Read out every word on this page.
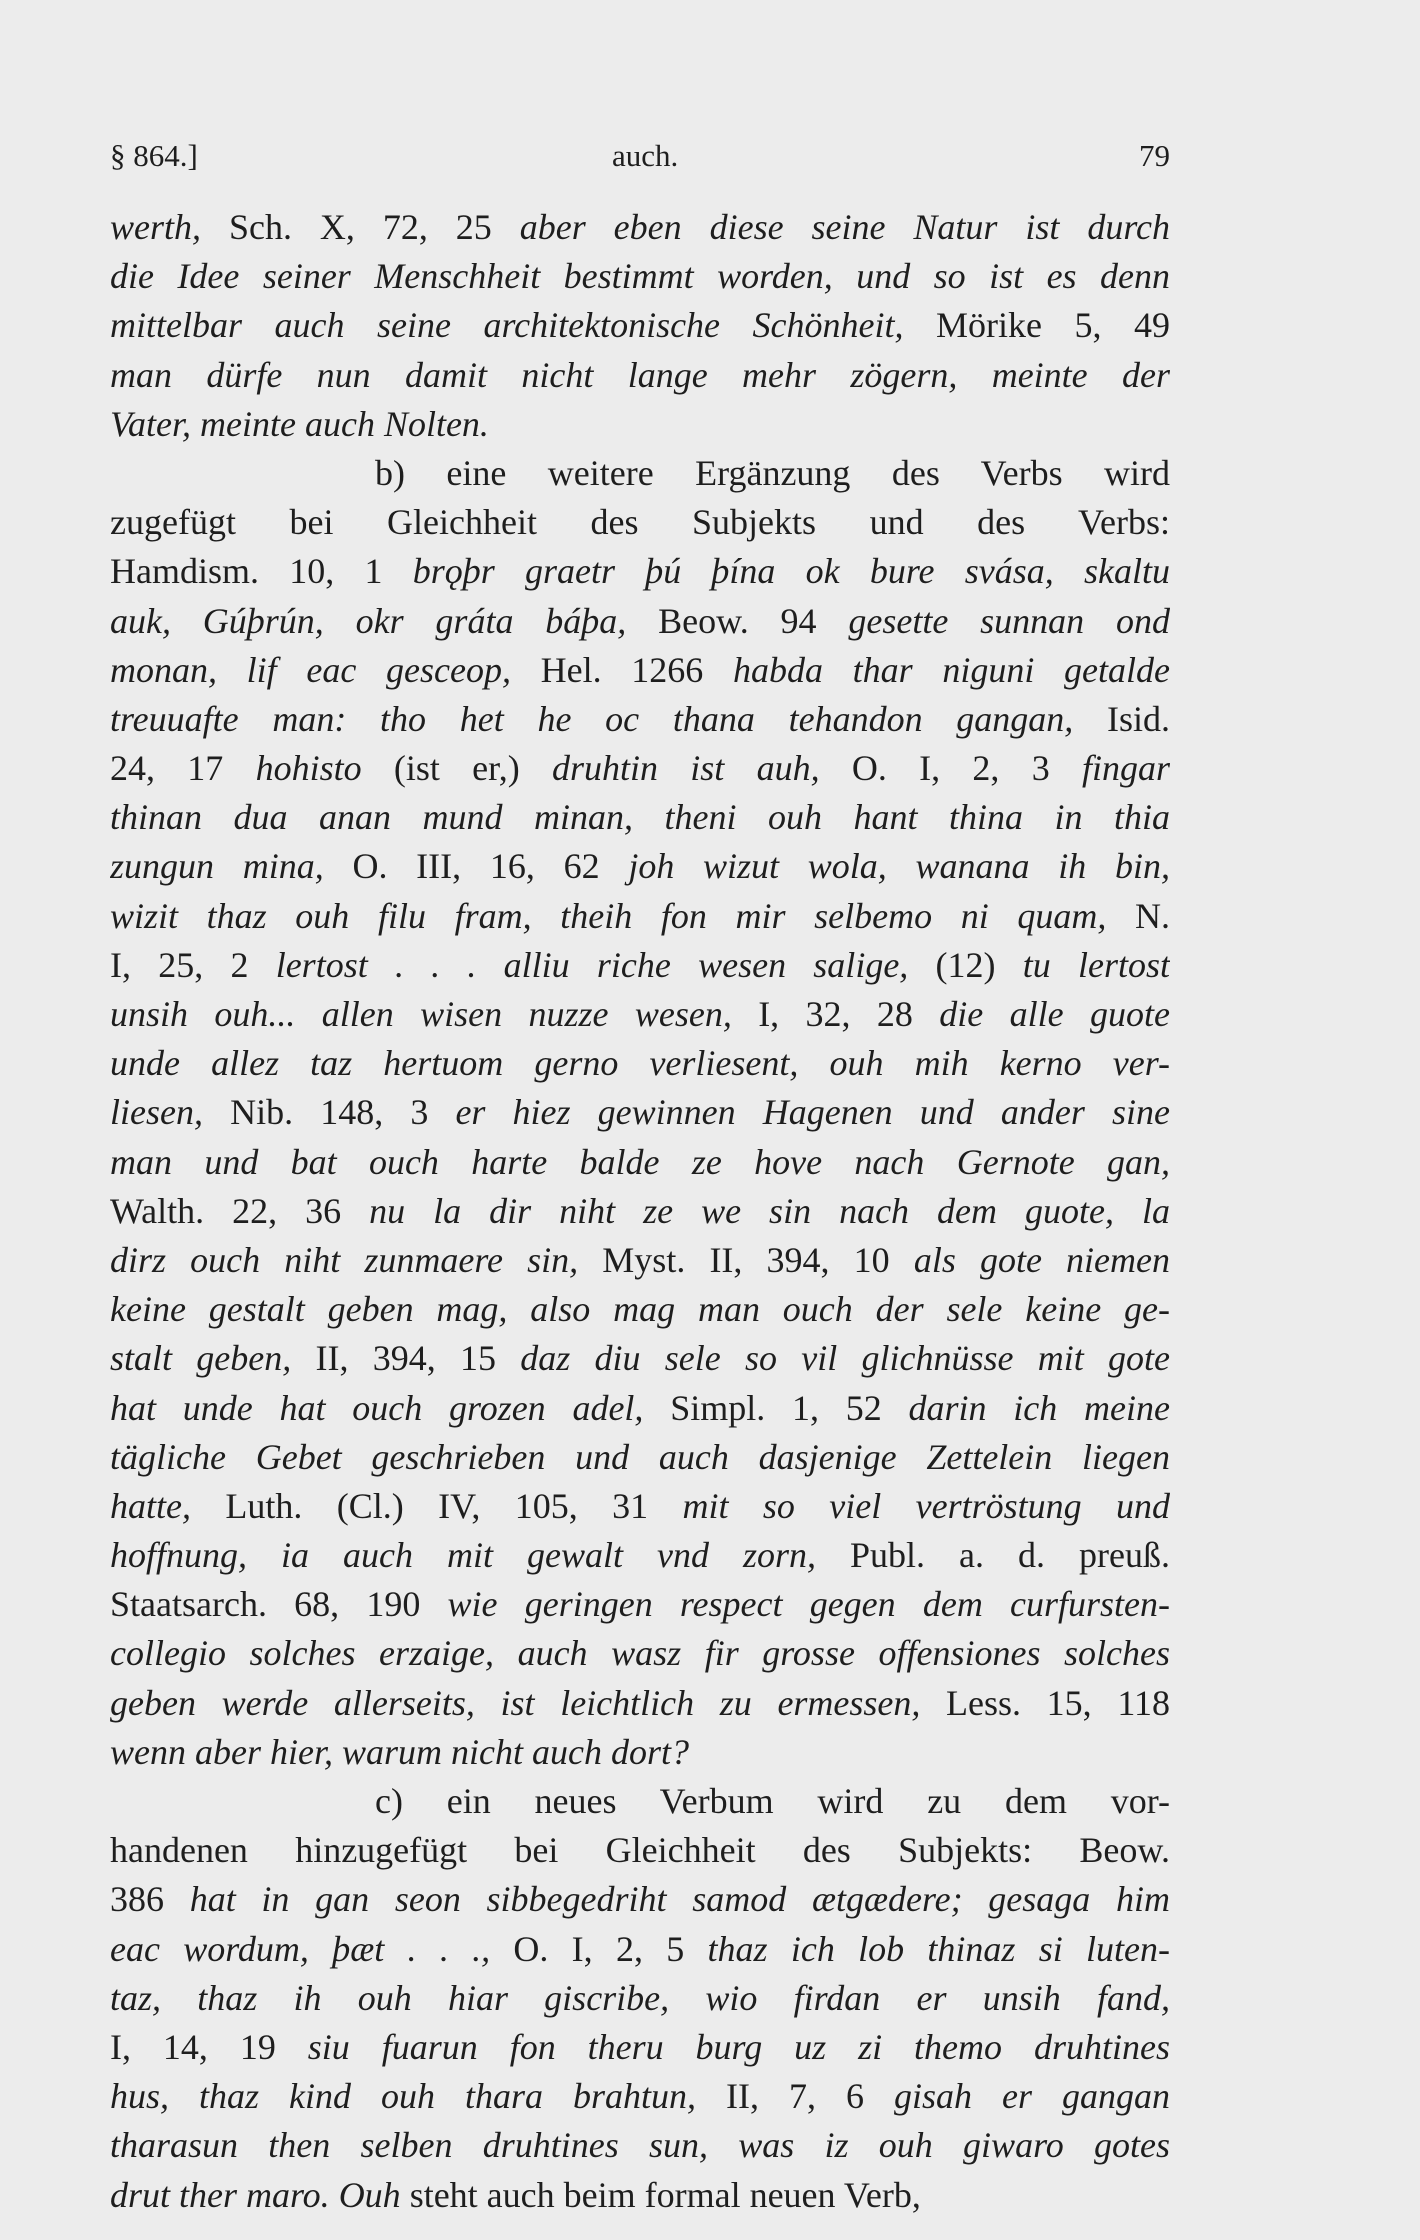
§ 864.]	auch.	79
werth, Sch. X, 72, 25 aber eben diese seine Natur ist durch
die Idee seiner Menschheit bestimmt worden, und so ist es denn
mittelbar auch seine architektonische Schönheit, Mörike 5, 49
man dürfe nun damit nicht lange mehr zögern, meinte der
Vater, meinte auch Nolten.
b) eine weitere Ergänzung des Verbs wird
zugefügt bei Gleichheit des Subjekts und des Verbs:
Hamdism. 10, 1 brǫþr graetr þú þína ok bure svása, skaltu
auk, Gúþrún, okr gráta báþa, Beow. 94 gesette sunnan ond
monan, lif eac gesceop, Hel. 1266 habda thar niguni getalde
treuuafte man: tho het he oc thana tehandon gangan, Isid.
24, 17 hohisto (ist er,) druhtin ist auh, O. I, 2, 3 fingar
thinan dua anan mund minan, theni ouh hant thina in thia
zungun mina, O. III, 16, 62 joh wizut wola, wanana ih bin,
wizit thaz ouh filu fram, theih fon mir selbemo ni quam, N.
I, 25, 2 lertost . . . alliu riche wesen salige, (12) tu lertost
unsih ouh... allen wisen nuzze wesen, I, 32, 28 die alle guote
unde allez taz hertuom gerno verliesent, ouh mih kerno ver-
liesen, Nib. 148, 3 er hiez gewinnen Hagenen und ander sine
man und bat ouch harte balde ze hove nach Gernote gan,
Walth. 22, 36 nu la dir niht ze we sin nach dem guote, la
dirz ouch niht zunmaere sin, Myst. II, 394, 10 als gote niemen
keine gestalt geben mag, also mag man ouch der sele keine ge-
stalt geben, II, 394, 15 daz diu sele so vil glichnüsse mit gote
hat unde hat ouch grozen adel, Simpl. 1, 52 darin ich meine
tägliche Gebet geschrieben und auch dasjenige Zettelein liegen
hatte, Luth. (Cl.) IV, 105, 31 mit so viel vertröstung und
hoffnung, ia auch mit gewalt vnd zorn, Publ. a. d. preuß.
Staatsarch. 68, 190 wie geringen respect gegen dem curfursten-
collegio solches erzaige, auch wasz fir grosse offensiones solches
geben werde allerseits, ist leichtlich zu ermessen, Less. 15, 118
wenn aber hier, warum nicht auch dort?
c) ein neues Verbum wird zu dem vor-
handenen hinzugefügt bei Gleichheit des Subjekts: Beow.
386 hat in gan seon sibbegedriht samod ætgædere; gesaga him
eac wordum, þæt . . ., O. I, 2, 5 thaz ich lob thinaz si luten-
taz, thaz ih ouh hiar giscribe, wio firdan er unsih fand,
I, 14, 19 siu fuarun fon theru burg uz zi themo druhtines
hus, thaz kind ouh thara brahtun, II, 7, 6 gisah er gangan
tharasun then selben druhtines sun, was iz ouh giwaro gotes
drut ther maro. Ouh steht auch beim formal neuen Verb,
